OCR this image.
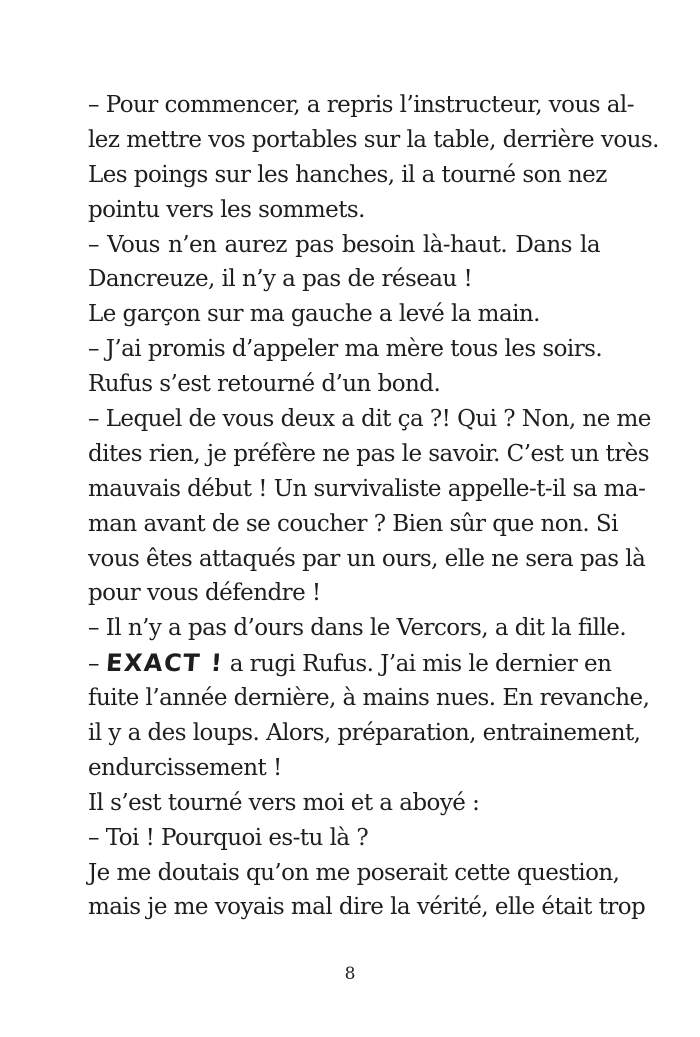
– Pour commencer, a repris l’instructeur, vous al-
lez mettre vos portables sur la table, derrière vous.
Les poings sur les hanches, il a tourné son nez
pointu vers les sommets.
– Vous n’en aurez pas besoin là-haut. Dans la
Dancreuze, il n’y a pas de réseau !
Le garçon sur ma gauche a levé la main.
– J’ai promis d’appeler ma mère tous les soirs.
Rufus s’est retourné d’un bond.
– Lequel de vous deux a dit ça ?! Qui ? Non, ne me
dites rien, je préfère ne pas le savoir. C’est un très
mauvais début ! Un survivaliste appelle-t-il sa ma-
man avant de se coucher ? Bien sûr que non. Si
vous êtes attaqués par un ours, elle ne sera pas là
pour vous défendre !
– Il n’y a pas d’ours dans le Vercors, a dit la fille.
– EXACT ! a rugi Rufus. J’ai mis le dernier en
fuite l’année dernière, à mains nues. En revanche,
il y a des loups. Alors, préparation, entrainement,
endurcissement !
Il s’est tourné vers moi et a aboyé :
– Toi ! Pourquoi es-tu là ?
Je me doutais qu’on me poserait cette question,
mais je me voyais mal dire la vérité, elle était trop
8
